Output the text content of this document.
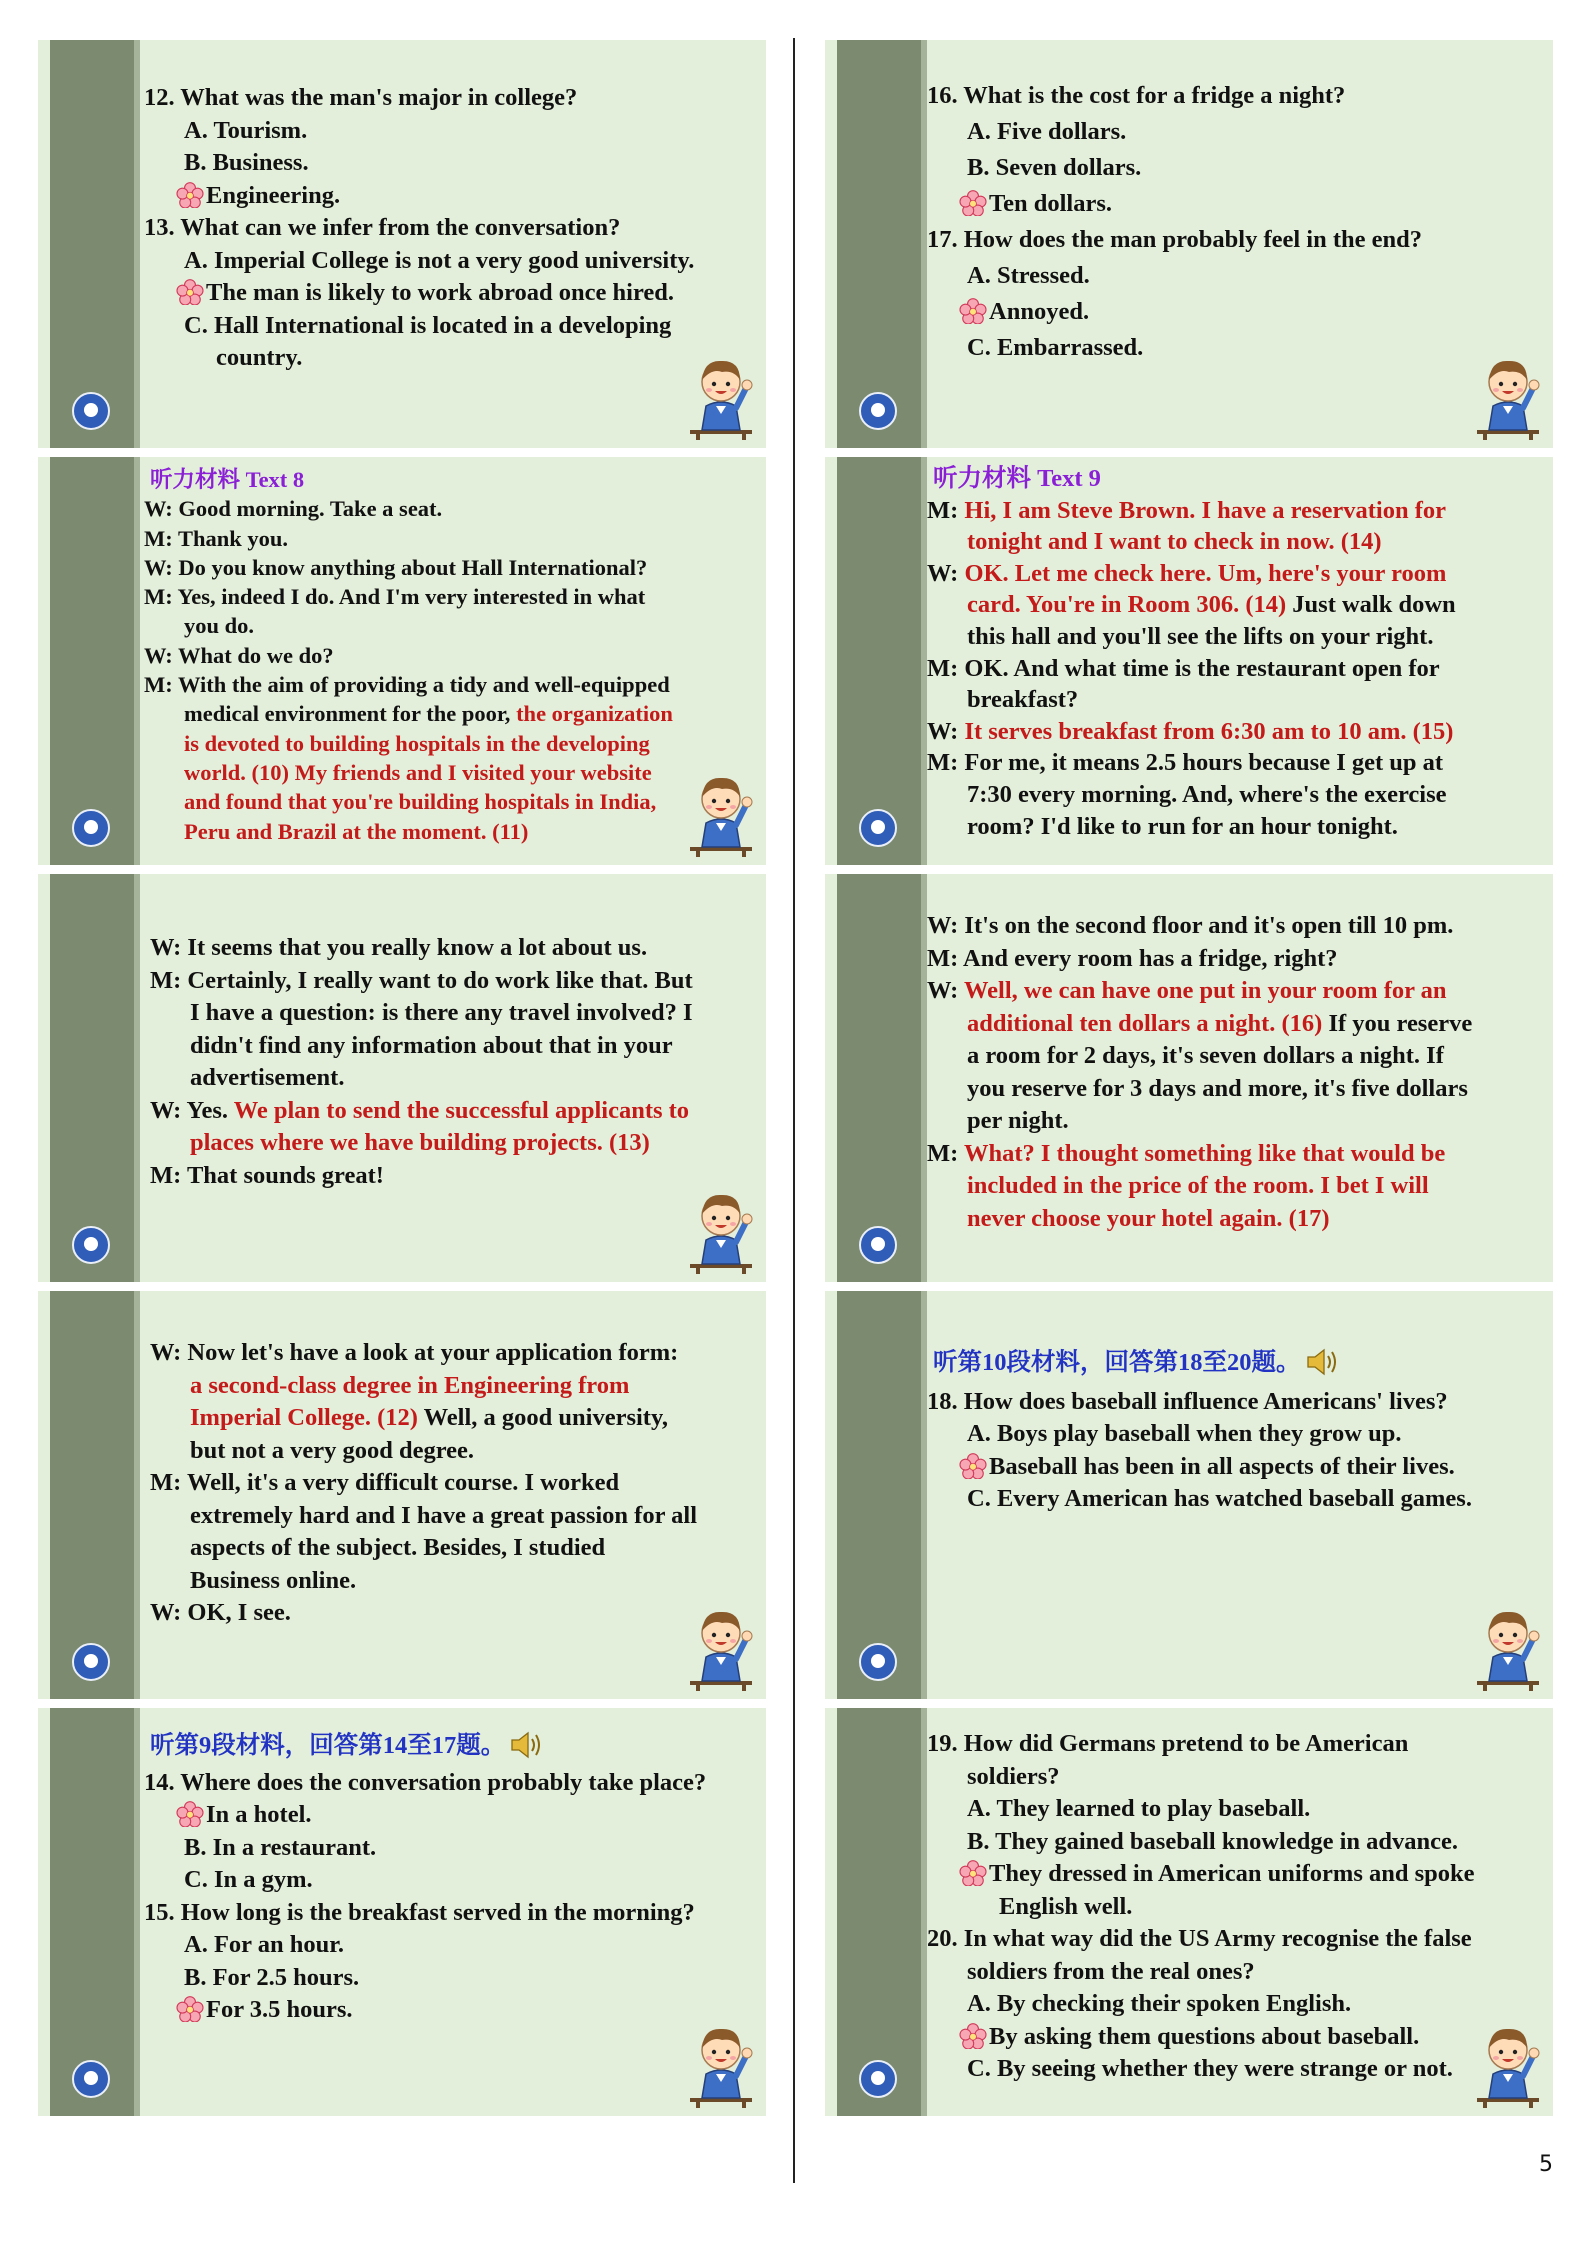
12. What was the man's major in college?
A. Tourism.
B. Business.
Engineering.
13. What can we infer from the conversation?
A. Imperial College is not a very good university.
The man is likely to work abroad once hired.
C. Hall International is located in a developing
country.
听力材料 Text 8
W: Good morning. Take a seat.
M: Thank you.
W: Do you know anything about Hall International?
M: Yes, indeed I do. And I'm very interested in what
you do.
W: What do we do?
M: With the aim of providing a tidy and well-equipped
medical environment for the poor, the organization
is devoted to building hospitals in the developing
world. (10) My friends and I visited your website
and found that you're building hospitals in India,
Peru and Brazil at the moment. (11)
W: It seems that you really know a lot about us.
M: Certainly, I really want to do work like that. But
I have a question: is there any travel involved? I
didn't find any information about that in your
advertisement.
W: Yes. We plan to send the successful applicants to
places where we have building projects. (13)
M: That sounds great!
W: Now let's have a look at your application form:
a second-class degree in Engineering from
Imperial College. (12) Well, a good university,
but not a very good degree.
M: Well, it's a very difficult course. I worked
extremely hard and I have a great passion for all
aspects of the subject. Besides, I studied
Business online.
W: OK, I see.
听第9段材料，回答第14至17题。
14. Where does the conversation probably take place?
In a hotel.
B. In a restaurant.
C. In a gym.
15. How long is the breakfast served in the morning?
A. For an hour.
B. For 2.5 hours.
For 3.5 hours.
16. What is the cost for a fridge a night?
A. Five dollars.
B. Seven dollars.
Ten dollars.
17. How does the man probably feel in the end?
A. Stressed.
Annoyed.
C. Embarrassed.
听力材料 Text 9
M: Hi, I am Steve Brown. I have a reservation for
tonight and I want to check in now. (14)
W: OK. Let me check here. Um, here's your room
card. You're in Room 306. (14) Just walk down
this hall and you'll see the lifts on your right.
M: OK. And what time is the restaurant open for
breakfast?
W: It serves breakfast from 6:30 am to 10 am. (15)
M: For me, it means 2.5 hours because I get up at
7:30 every morning. And, where's the exercise
room? I'd like to run for an hour tonight.
W: It's on the second floor and it's open till 10 pm.
M: And every room has a fridge, right?
W: Well, we can have one put in your room for an
additional ten dollars a night. (16) If you reserve
a room for 2 days, it's seven dollars a night. If
you reserve for 3 days and more, it's five dollars
per night.
M: What? I thought something like that would be
included in the price of the room. I bet I will
never choose your hotel again. (17)
听第10段材料，回答第18至20题。
18. How does baseball influence Americans' lives?
A. Boys play baseball when they grow up.
Baseball has been in all aspects of their lives.
C. Every American has watched baseball games.
19. How did Germans pretend to be American
soldiers?
A. They learned to play baseball.
B. They gained baseball knowledge in advance.
They dressed in American uniforms and spoke
English well.
20. In what way did the US Army recognise the false
soldiers from the real ones?
A. By checking their spoken English.
By asking them questions about baseball.
C. By seeing whether they were strange or not.
5
